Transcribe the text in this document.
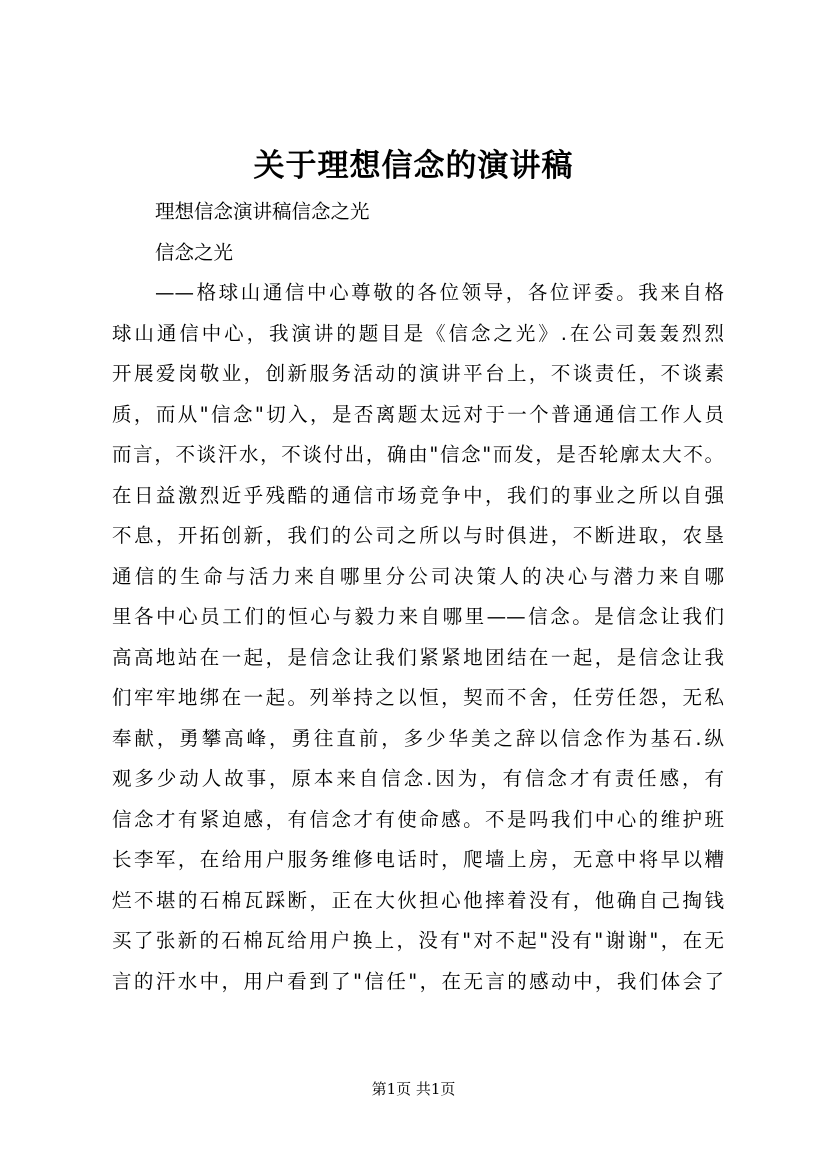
关于理想信念的演讲稿
理想信念演讲稿信念之光
信念之光
——格球山通信中心尊敬的各位领导，各位评委。我来自格
球山通信中心，我演讲的题目是《信念之光》.在公司轰轰烈烈
开展爱岗敬业，创新服务活动的演讲平台上，不谈责任，不谈素
质，而从"信念"切入，是否离题太远对于一个普通通信工作人员
而言，不谈汗水，不谈付出，确由"信念"而发，是否轮廓太大不。
在日益激烈近乎残酷的通信市场竞争中，我们的事业之所以自强
不息，开拓创新，我们的公司之所以与时俱进，不断进取，农垦
通信的生命与活力来自哪里分公司决策人的决心与潜力来自哪
里各中心员工们的恒心与毅力来自哪里——信念。是信念让我们
高高地站在一起，是信念让我们紧紧地团结在一起，是信念让我
们牢牢地绑在一起。列举持之以恒，契而不舍，任劳任怨，无私
奉献，勇攀高峰，勇往直前，多少华美之辞以信念作为基石.纵
观多少动人故事，原本来自信念.因为，有信念才有责任感，有
信念才有紧迫感，有信念才有使命感。不是吗我们中心的维护班
长李军，在给用户服务维修电话时，爬墙上房，无意中将早以糟
烂不堪的石棉瓦踩断，正在大伙担心他摔着没有，他确自己掏钱
买了张新的石棉瓦给用户换上，没有"对不起"没有"谢谢"，在无
言的汗水中，用户看到了"信任"，在无言的感动中，我们体会了
第1页 共1页
